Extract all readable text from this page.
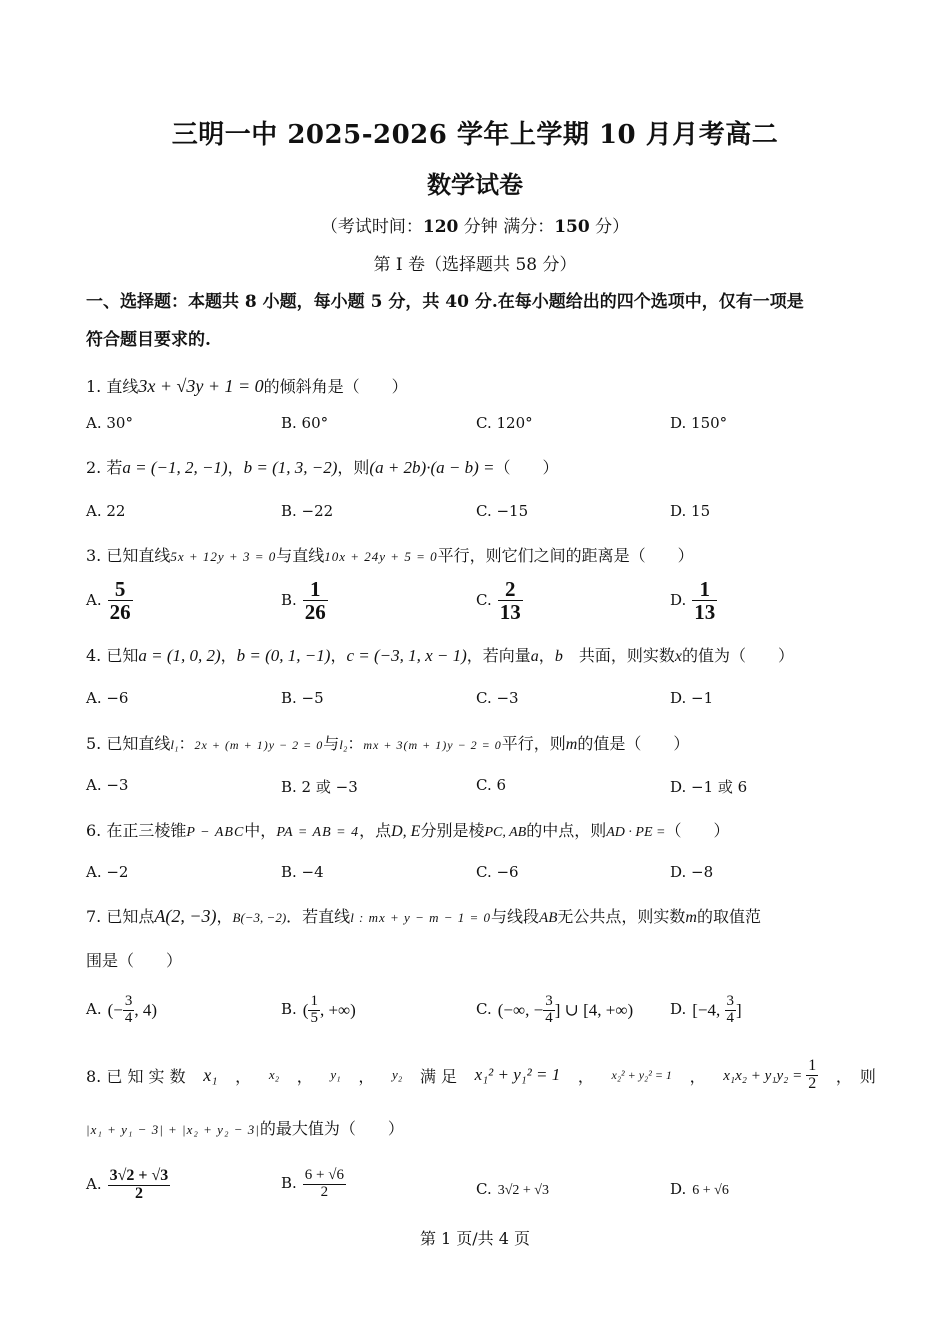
三明一中 2025-2026 学年上学期 10 月月考高二
数学试卷
（考试时间：120 分钟 满分：150 分）
第 I 卷（选择题共 58 分）
一、选择题：本题共 8 小题，每小题 5 分，共 40 分.在每小题给出的四个选项中，仅有一项是
符合题目要求的.
1. 直线3x + √3y + 1 = 0的倾斜角是（　　）
A. 30°	B. 60°	C. 120°	D. 150°
2. 若a = (−1, 2, −1)，b = (1, 3, −2)，则(a + 2b)·(a − b) =（　　）
A. 22	B. −22	C. −15	D. 15
3. 已知直线5x + 12y + 3 = 0与直线10x + 24y + 5 = 0平行，则它们之间的距离是（　　）
A. $\frac{5}{26}$	B. $\frac{1}{26}$	C. $\frac{2}{13}$	D. $\frac{1}{13}$
4. 已知a = (1, 0, 2)，b = (0, 1, −1)，c = (−3, 1, x − 1)，若向量a，b　共面，则实数x的值为（　　）
A. −6	B. −5	C. −3	D. −1
5. 已知直线l₁：2x + (m + 1)y − 2 = 0与l₂：mx + 3(m + 1)y − 2 = 0平行，则m的值是（　　）
A. −3	B. 2 或 −3	C. 6	D. −1 或 6
6. 在正三棱锥P − ABC中，PA = AB = 4，点D, E分别是棱PC, AB的中点，则AD · PE =（　　）
A. −2	B. −4	C. −6	D. −8
7. 已知点A(2, −3)，B(−3, −2)．若直线l : mx + y − m − 1 = 0与线段AB无公共点，则实数m的取值范
围是（　　）
A. (− $\frac{3}{4}$ , 4)	B. ( $\frac{1}{5}$ , +∞)	C. (−∞, − $\frac{3}{4}$ ] ∪ [4, +∞) D. [−4, $\frac{3}{4}$ ]
8. 已 知 实 数 x₁ ， x₂ ， y₁ ， y₂ 满 足 x₁² + y₁² = 1 ， x₂² + y₂² = 1 ， $x_1x_2 + y_1y_2 = \frac{1}{2}$ ，　则
|x₁ + y₁ − 3| + |x₂ + y₂ − 3|的最大值为（　　）
A. $\frac{3√2 + √3}{2}$	B. $\frac{6 + √6}{2}$	C. 3√2 + √3	D. 6 + √6
第 1 页/共 4 页
